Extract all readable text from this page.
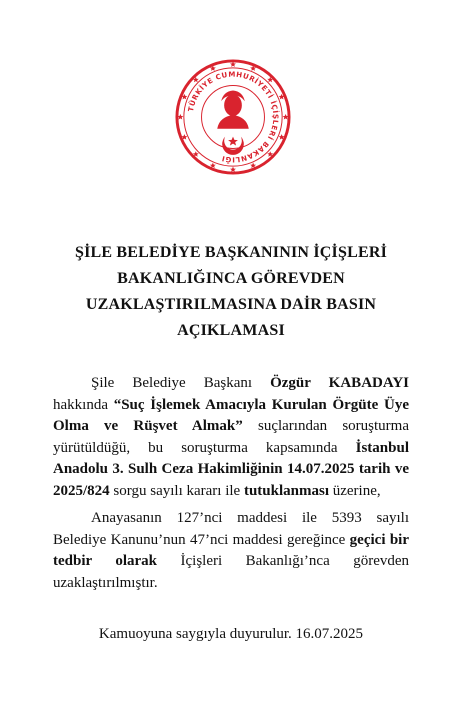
TÜRKİYE CUMHURİYETİ İÇİŞLERİ BAKANLIĞI
ŞİLE BELEDİYE BAŞKANININ İÇİŞLERİ
BAKANLIĞINCA GÖREVDEN
UZAKLAŞTIRILMASINA DAİR BASIN
AÇIKLAMASI

Şile Belediye Başkanı Özgür KABADAYI hakkında “Suç İşlemek Amacıyla Kurulan Örgüte Üye Olma ve Rüşvet Almak” suçlarından soruşturma yürütüldüğü, bu soruşturma kapsamında İstanbul Anadolu 3. Sulh Ceza Hakimliğinin 14.07.2025 tarih ve 2025/824 sorgu sayılı kararı ile tutuklanması üzerine,

Anayasanın 127’nci maddesi ile 5393 sayılı Belediye Kanunu’nun 47’nci maddesi gereğince geçici bir tedbir olarak İçişleri Bakanlığı’nca görevden uzaklaştırılmıştır.

Kamuoyuna saygıyla duyurulur. 16.07.2025
